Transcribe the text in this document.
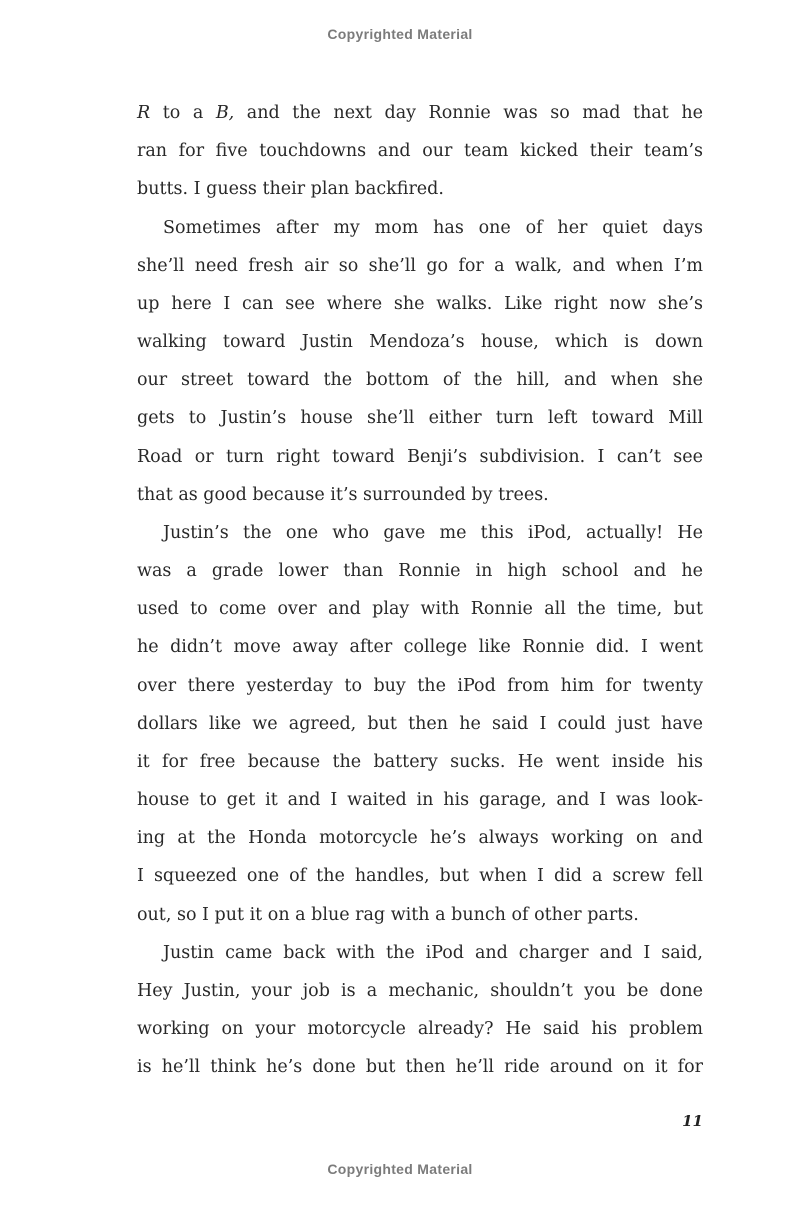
Copyrighted Material
R to a B, and the next day Ronnie was so mad that he
ran for five touchdowns and our team kicked their team’s
butts. I guess their plan backfired.
Sometimes after my mom has one of her quiet days
she’ll need fresh air so she’ll go for a walk, and when I’m
up here I can see where she walks. Like right now she’s
walking toward Justin Mendoza’s house, which is down
our street toward the bottom of the hill, and when she
gets to Justin’s house she’ll either turn left toward Mill
Road or turn right toward Benji’s subdivision. I can’t see
that as good because it’s surrounded by trees.
Justin’s the one who gave me this iPod, actually! He
was a grade lower than Ronnie in high school and he
used to come over and play with Ronnie all the time, but
he didn’t move away after college like Ronnie did. I went
over there yesterday to buy the iPod from him for twenty
dollars like we agreed, but then he said I could just have
it for free because the battery sucks. He went inside his
house to get it and I waited in his garage, and I was look-
ing at the Honda motorcycle he’s always working on and
I squeezed one of the handles, but when I did a screw fell
out, so I put it on a blue rag with a bunch of other parts.
Justin came back with the iPod and charger and I said,
Hey Justin, your job is a mechanic, shouldn’t you be done
working on your motorcycle already? He said his problem
is he’ll think he’s done but then he’ll ride around on it for
11
Copyrighted Material
